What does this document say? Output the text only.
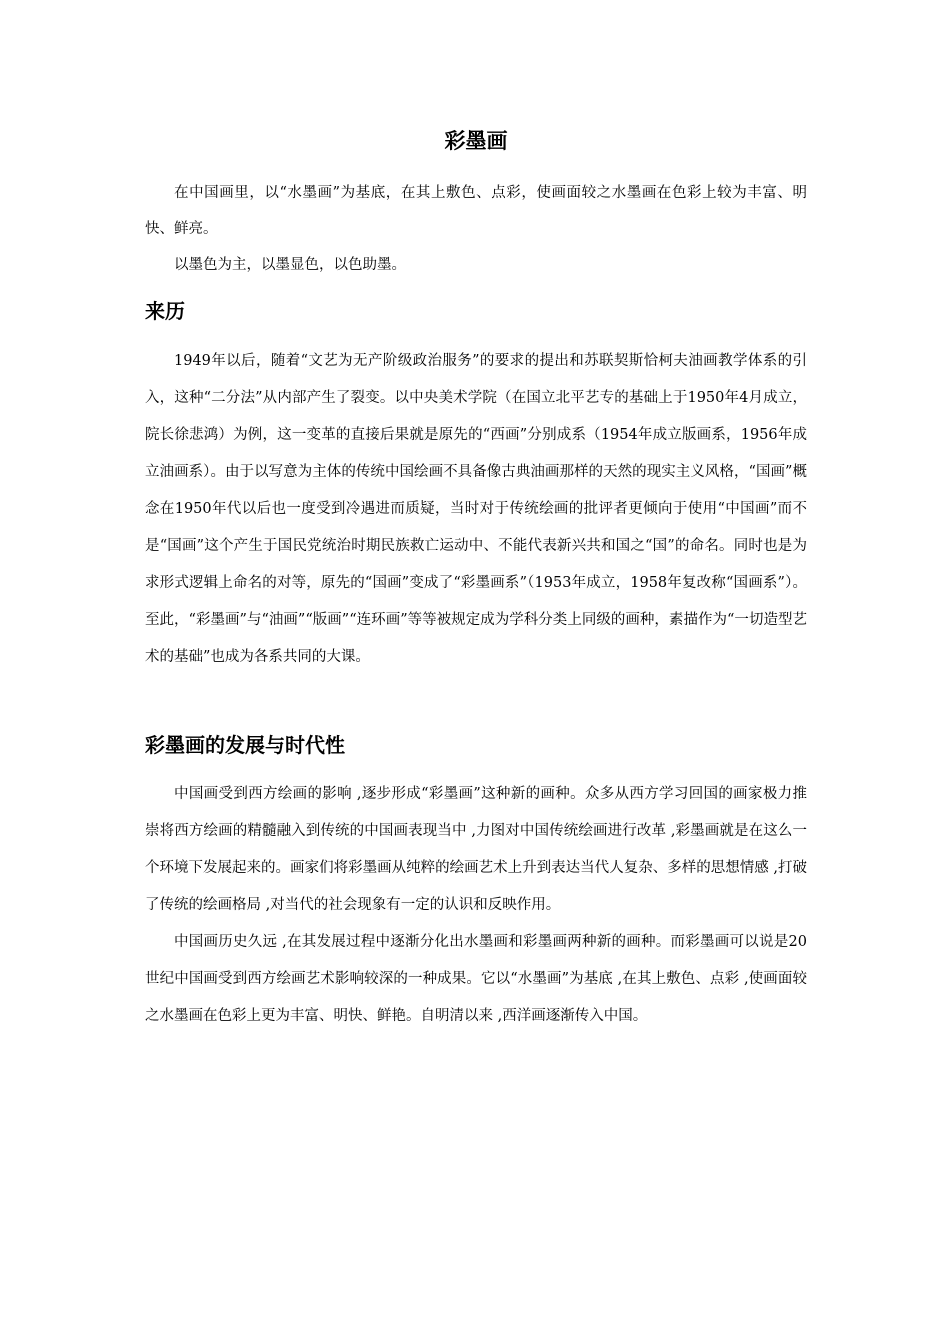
彩墨画

在中国画里，以“水墨画”为基底，在其上敷色、点彩，使画面较之水墨画在色彩上较为丰富、明快、鲜亮。

以墨色为主，以墨显色，以色助墨。

来历

1949年以后，随着“文艺为无产阶级政治服务”的要求的提出和苏联契斯恰柯夫油画教学体系的引入，这种“二分法”从内部产生了裂变。以中央美术学院（在国立北平艺专的基础上于1950年4月成立，院长徐悲鸿）为例，这一变革的直接后果就是原先的“西画”分别成系（1954年成立版画系，1956年成立油画系）。由于以写意为主体的传统中国绘画不具备像古典油画那样的天然的现实主义风格，“国画”概念在1950年代以后也一度受到冷遇进而质疑，当时对于传统绘画的批评者更倾向于使用“中国画”而不是“国画”这个产生于国民党统治时期民族救亡运动中、不能代表新兴共和国之“国”的命名。同时也是为求形式逻辑上命名的对等，原先的“国画”变成了“彩墨画系”（1953年成立，1958年复改称“国画系”）。至此，“彩墨画”与“油画”“版画”“连环画”等等被规定成为学科分类上同级的画种，素描作为“一切造型艺术的基础”也成为各系共同的大课。

彩墨画的发展与时代性

中国画受到西方绘画的影响 ,逐步形成“彩墨画”这种新的画种。众多从西方学习回国的画家极力推崇将西方绘画的精髓融入到传统的中国画表现当中 ,力图对中国传统绘画进行改革 ,彩墨画就是在这么一个环境下发展起来的。画家们将彩墨画从纯粹的绘画艺术上升到表达当代人复杂、多样的思想情感 ,打破了传统的绘画格局 ,对当代的社会现象有一定的认识和反映作用。

中国画历史久远 ,在其发展过程中逐渐分化出水墨画和彩墨画两种新的画种。而彩墨画可以说是20世纪中国画受到西方绘画艺术影响较深的一种成果。它以“水墨画”为基底 ,在其上敷色、点彩 ,使画面较之水墨画在色彩上更为丰富、明快、鲜艳。自明清以来 ,西洋画逐渐传入中国。
